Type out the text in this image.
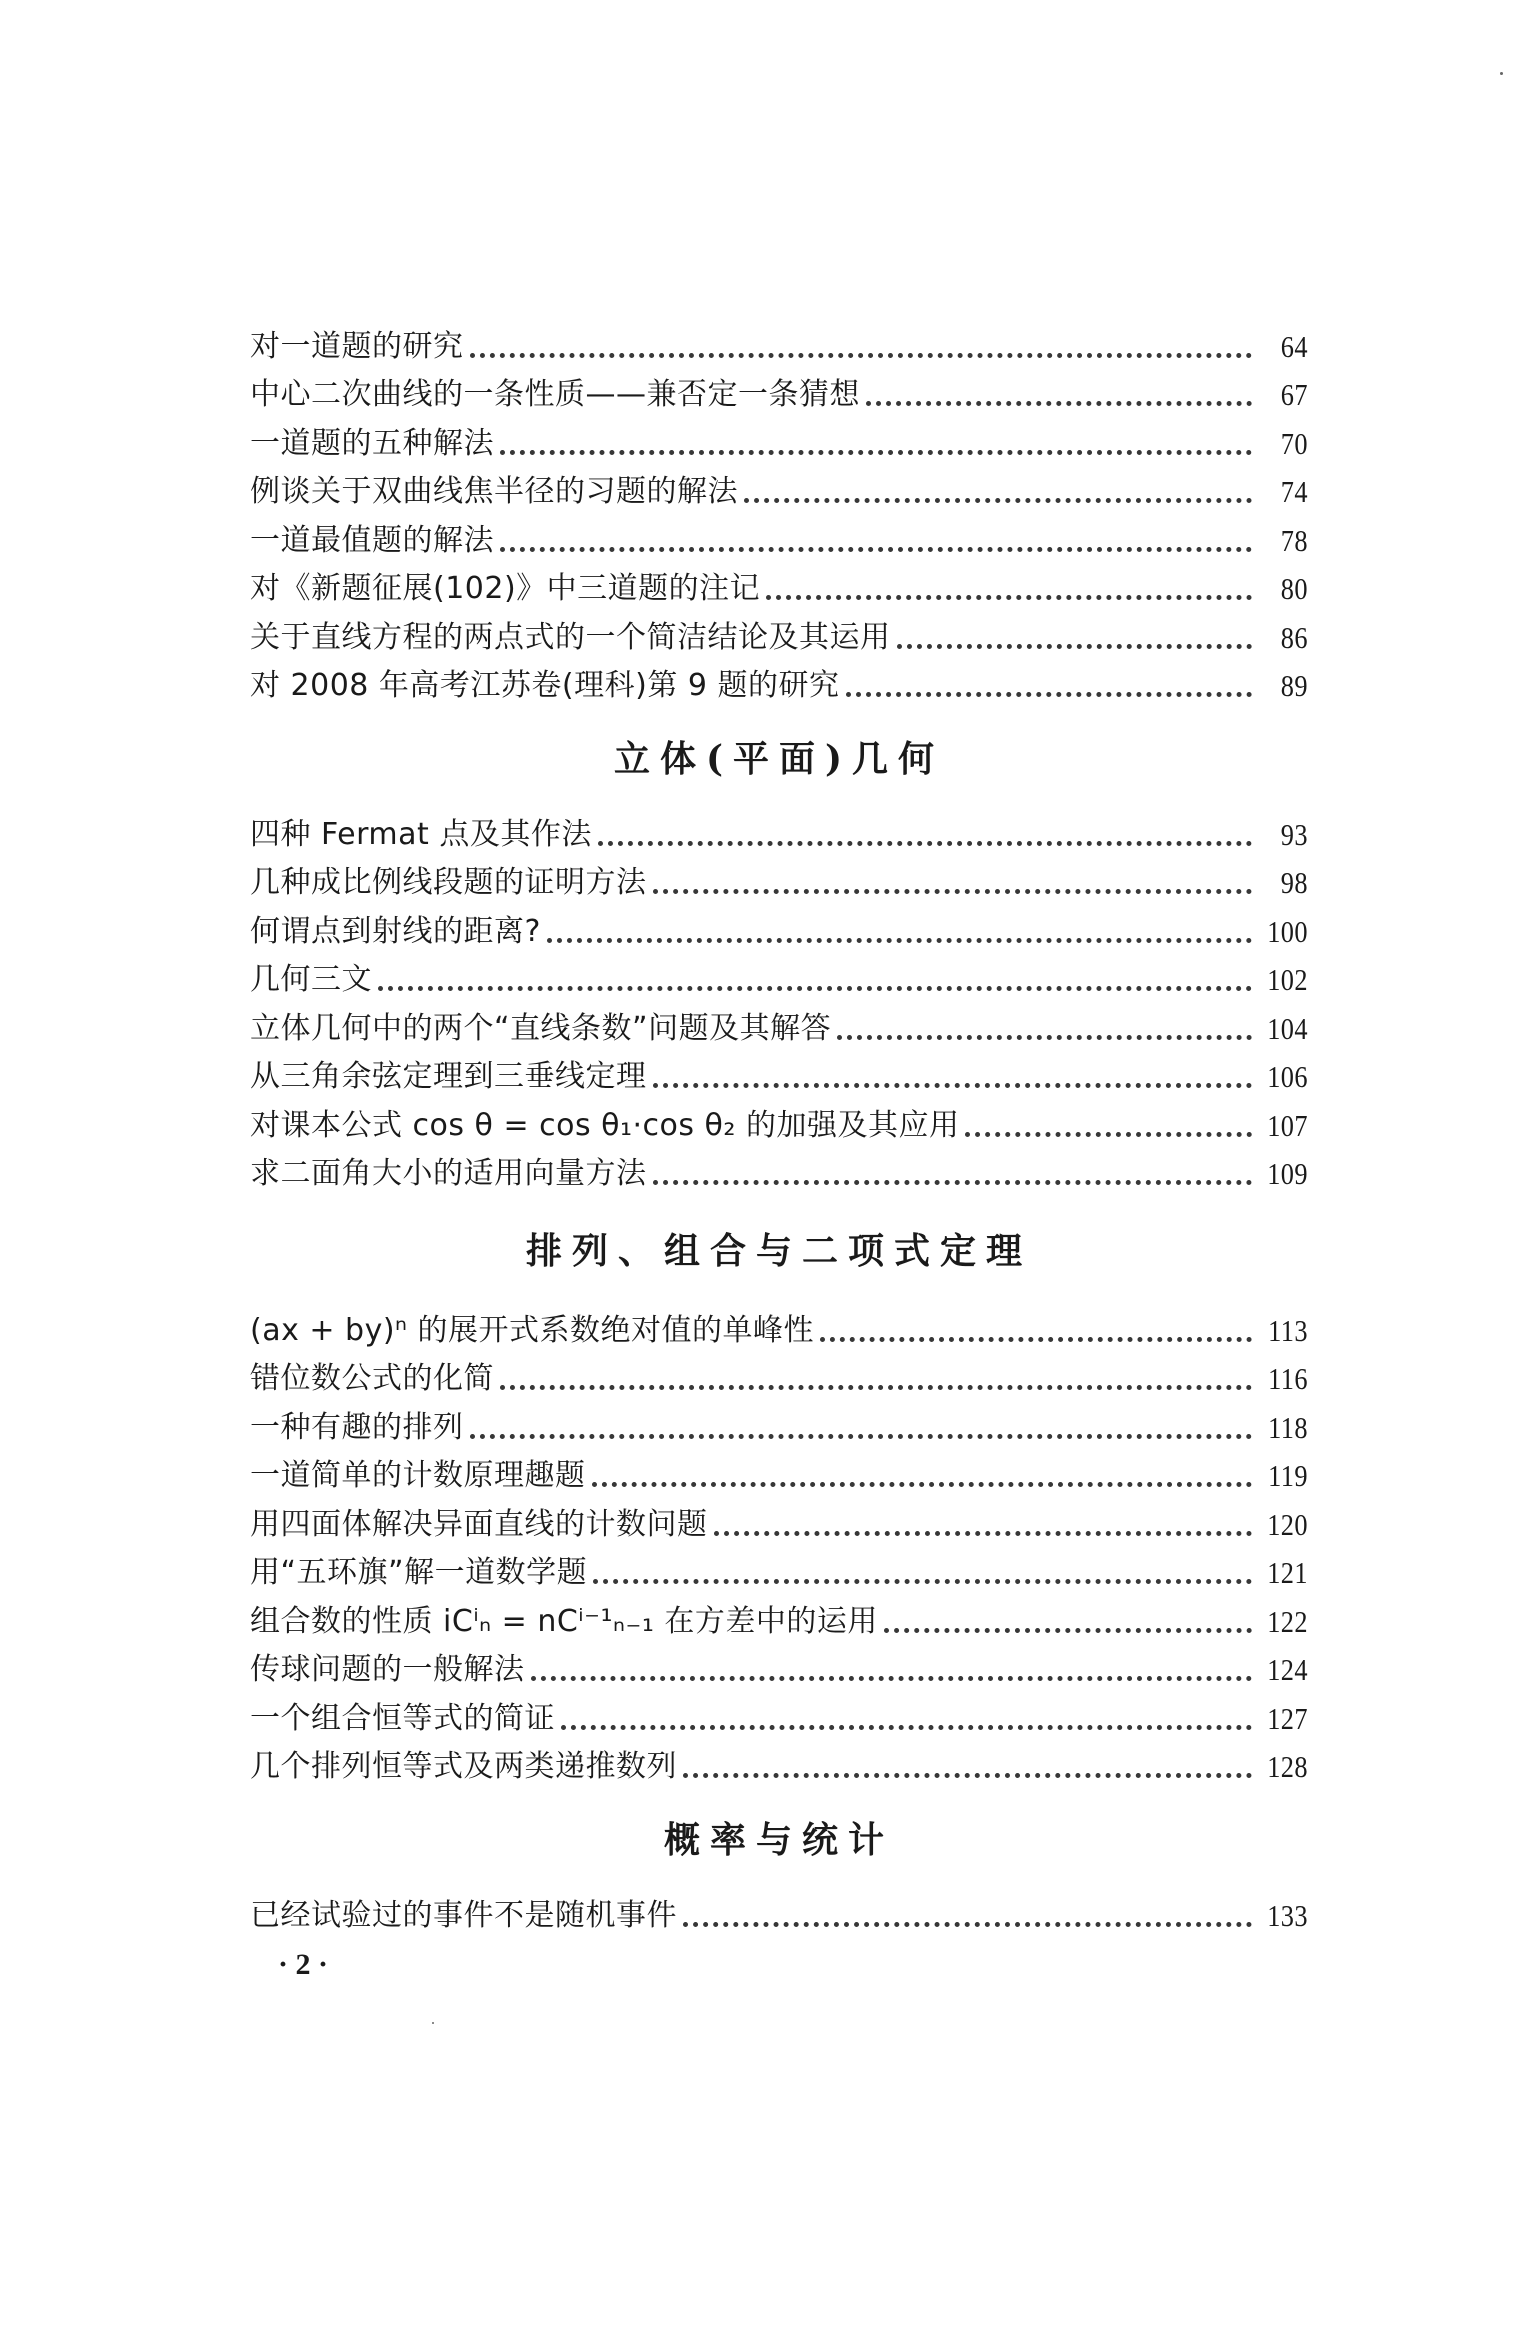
对一道题的研究	64
中心二次曲线的一条性质——兼否定一条猜想	67
一道题的五种解法	70
例谈关于双曲线焦半径的习题的解法	74
一道最值题的解法	78
对《新题征展(102)》中三道题的注记	80
关于直线方程的两点式的一个简洁结论及其运用	86
对 2008 年高考江苏卷(理科)第 9 题的研究	89
立体(平面)几何
四种 Fermat 点及其作法	93
几种成比例线段题的证明方法	98
何谓点到射线的距离?	100
几何三文	102
立体几何中的两个“直线条数”问题及其解答	104
从三角余弦定理到三垂线定理	106
对课本公式 cos θ = cos θ₁·cos θ₂ 的加强及其应用	107
求二面角大小的适用向量方法	109
排列、组合与二项式定理
(ax + by)ⁿ 的展开式系数绝对值的单峰性	113
错位数公式的化简	116
一种有趣的排列	118
一道简单的计数原理趣题	119
用四面体解决异面直线的计数问题	120
用“五环旗”解一道数学题	121
组合数的性质 iCⁱₙ = nCⁱ⁻¹ₙ₋₁ 在方差中的运用	122
传球问题的一般解法	124
一个组合恒等式的简证	127
几个排列恒等式及两类递推数列	128
概率与统计
已经试验过的事件不是随机事件	133
· 2 ·
